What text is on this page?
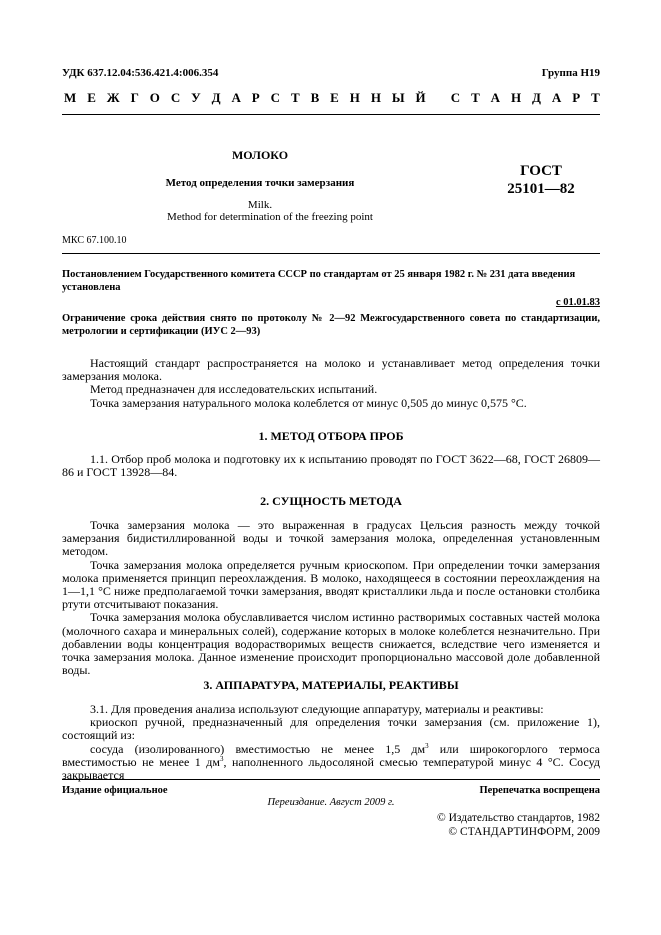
УДК 637.12.04:536.421.4:006.354	Группа Н19
М Е Ж Г О С У Д А Р С Т В Е Н Н Ы Й
С Т А Н Д А Р Т
МОЛОКО
Метод определения точки замерзания
Milk.
Method for determination of the freezing point
ГОСТ
25101—82
МКС 67.100.10
Постановлением Государственного комитета СССР по стандартам от 25 января 1982 г. № 231 дата введения установлена
с 01.01.83
Ограничение срока действия снято по протоколу № 2—92 Межгосударственного совета по стандартизации, метрологии и сертификации (ИУС 2—93)
Настоящий стандарт распространяется на молоко и устанавливает метод определения точки замерзания молока.
Метод предназначен для исследовательских испытаний.
Точка замерзания натурального молока колеблется от минус 0,505 до минус 0,575 °С.
1. МЕТОД ОТБОРА ПРОБ
1.1. Отбор проб молока и подготовку их к испытанию проводят по ГОСТ 3622—68, ГОСТ 26809—86 и ГОСТ 13928—84.
2. СУЩНОСТЬ МЕТОДА
Точка замерзания молока — это выраженная в градусах Цельсия разность между точкой замерзания бидистиллированной воды и точкой замерзания молока, определенная установленным методом.
Точка замерзания молока определяется ручным криоскопом. При определении точки замерзания молока применяется принцип переохлаждения. В молоко, находящееся в состоянии переохлаждения на 1—1,1 °С ниже предполагаемой точки замерзания, вводят кристаллики льда и после остановки столбика ртути отсчитывают показания.
Точка замерзания молока обуславливается числом истинно растворимых составных частей молока (молочного сахара и минеральных солей), содержание которых в молоке колеблется незначительно. При добавлении воды концентрация водорастворимых веществ снижается, вследствие чего изменяется и точка замерзания молока. Данное изменение происходит пропорционально массовой доле добавленной воды.
3. АППАРАТУРА, МАТЕРИАЛЫ, РЕАКТИВЫ
3.1. Для проведения анализа используют следующие аппаратуру, материалы и реактивы:
криоскоп ручной, предназначенный для определения точки замерзания (см. приложение 1), состоящий из:
сосуда (изолированного) вместимостью не менее 1,5 $дм^3$ или широкогорлого термоса вместимостью не менее 1 $дм^3$, наполненного льдосоляной смесью температурой минус 4 °С. Сосуд закрывается
Издание официальное	Перепечатка воспрещена
Переиздание. Август 2009 г.
© Издательство стандартов, 1982
© СТАНДАРТИНФОРМ, 2009
